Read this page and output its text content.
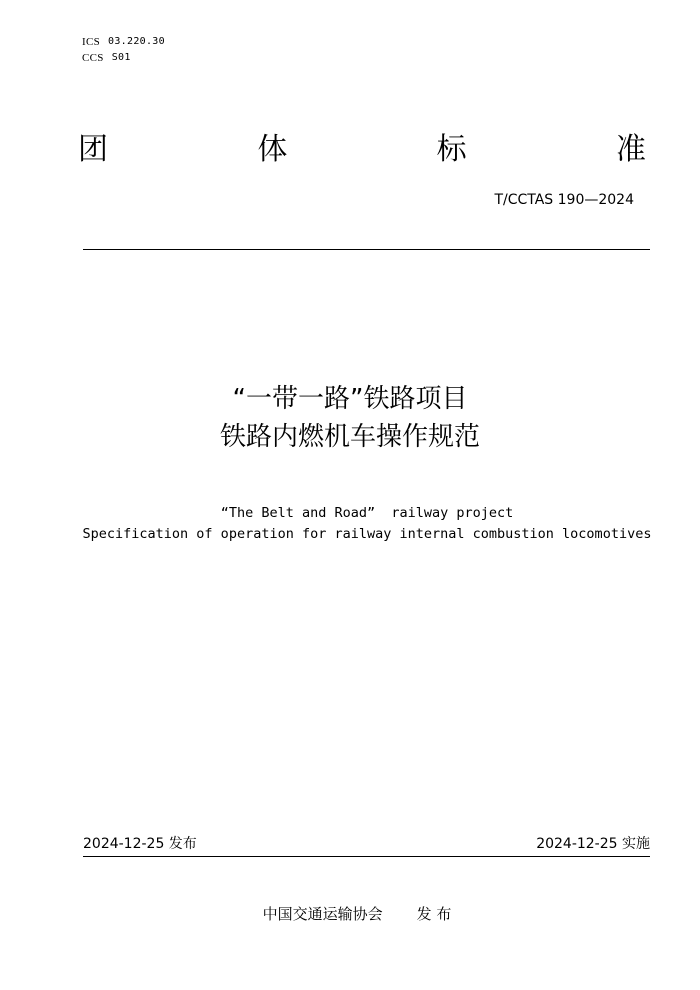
ICS 03.220.30
CCS S01
团	体	标	准
T/CCTAS 190—2024
“一带一路”铁路项目
铁路内燃机车操作规范
“The Belt and Road”  railway project
Specification of operation for railway internal combustion locomotives
2024-12-25 发布	2024-12-25 实施
中国交通运输协会 发 布
